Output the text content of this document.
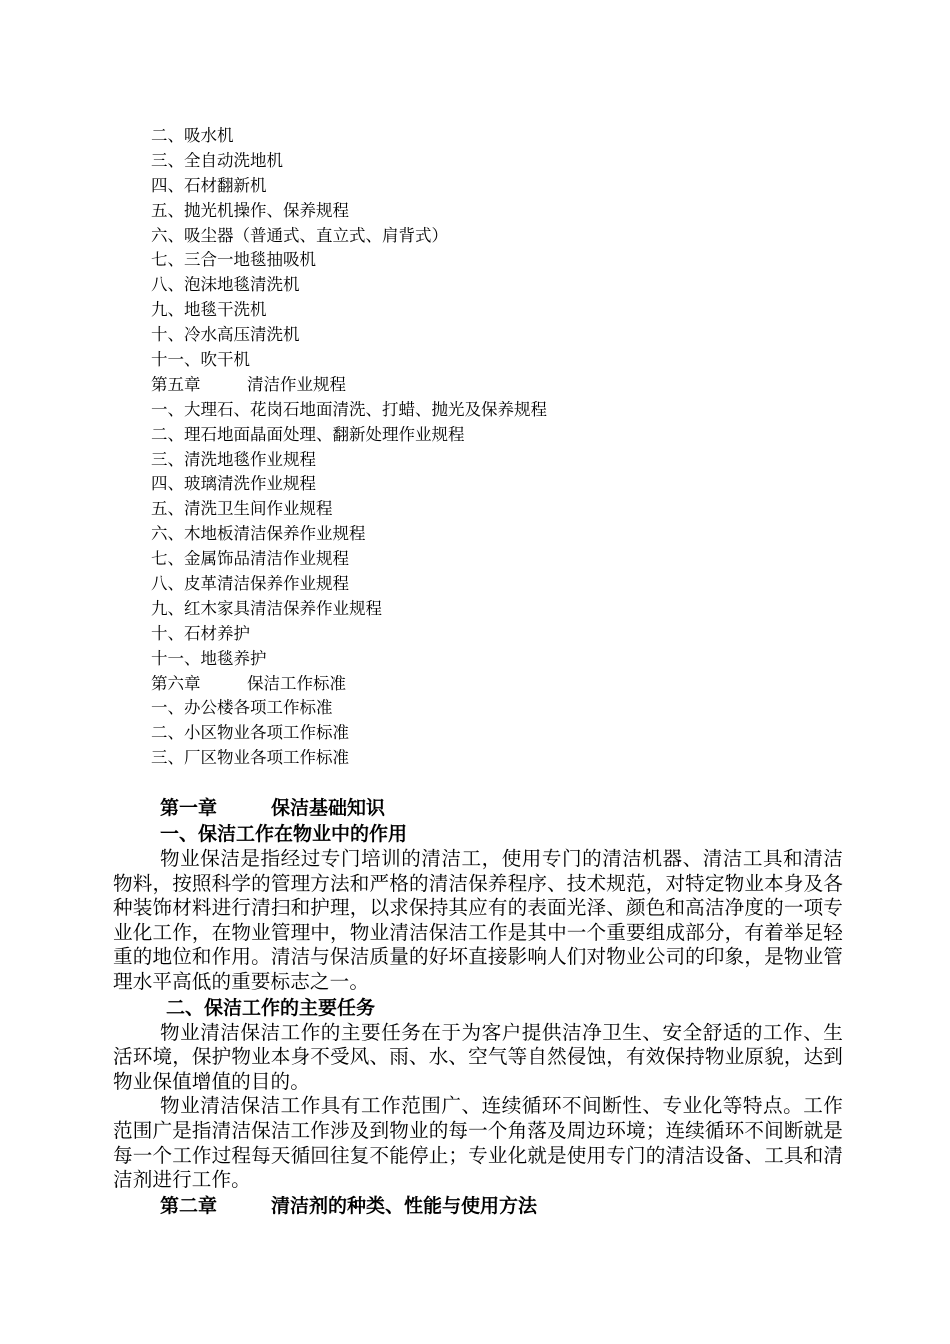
二、吸水机
三、全自动洗地机
四、石材翻新机
五、抛光机操作、保养规程
六、吸尘器（普通式、直立式、肩背式）
七、三合一地毯抽吸机
八、泡沫地毯清洗机
九、地毯干洗机
十、冷水高压清洗机
十一、吹干机
第五章	清洁作业规程
一、大理石、花岗石地面清洗、打蜡、抛光及保养规程
二、理石地面晶面处理、翻新处理作业规程
三、清洗地毯作业规程
四、玻璃清洗作业规程
五、清洗卫生间作业规程
六、木地板清洁保养作业规程
七、金属饰品清洁作业规程
八、皮革清洁保养作业规程
九、红木家具清洁保养作业规程
十、石材养护
十一、地毯养护
第六章	保洁工作标准
一、办公楼各项工作标准
二、小区物业各项工作标准
三、厂区物业各项工作标准
第一章	保洁基础知识
一、保洁工作在物业中的作用

物业保洁是指经过专门培训的清洁工，使用专门的清洁机器、清洁工具和清洁物料，按照科学的管理方法和严格的清洁保养程序、技术规范，对特定物业本身及各种装饰材料进行清扫和护理，以求保持其应有的表面光泽、颜色和高洁净度的一项专业化工作，在物业管理中，物业清洁保洁工作是其中一个重要组成部分，有着举足轻重的地位和作用。清洁与保洁质量的好坏直接影响人们对物业公司的印象，是物业管理水平高低的重要标志之一。

二、保洁工作的主要任务

物业清洁保洁工作的主要任务在于为客户提供洁净卫生、安全舒适的工作、生活环境，保护物业本身不受风、雨、水、空气等自然侵蚀，有效保持物业原貌，达到物业保值增值的目的。

物业清洁保洁工作具有工作范围广、连续循环不间断性、专业化等特点。工作范围广是指清洁保洁工作涉及到物业的每一个角落及周边环境；连续循环不间断就是每一个工作过程每天循回往复不能停止；专业化就是使用专门的清洁设备、工具和清洁剂进行工作。

第二章	清洁剂的种类、性能与使用方法
